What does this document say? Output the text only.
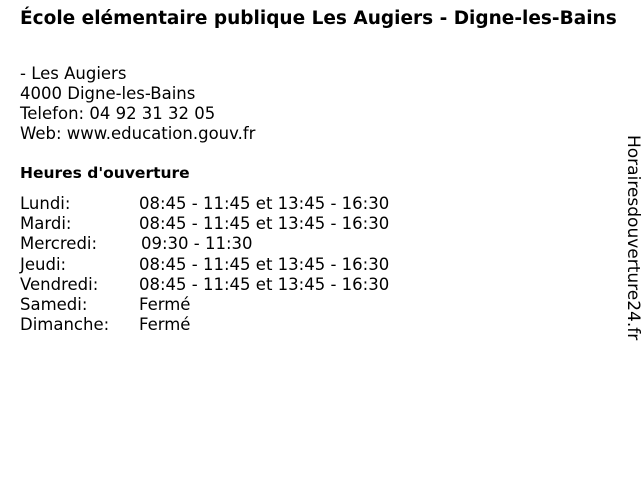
École elémentaire publique Les Augiers - Digne-les-Bains
- Les Augiers
4000 Digne-les-Bains
Telefon: 04 92 31 32 05
Web: www.education.gouv.fr
Heures d'ouverture
Lundi:	08:45 - 11:45 et 13:45 - 16:30
Mardi:	08:45 - 11:45 et 13:45 - 16:30
Mercredi:	09:30 - 11:30
Jeudi:	08:45 - 11:45 et 13:45 - 16:30
Vendredi: 08:45 - 11:45 et 13:45 - 16:30
Samedi:	Fermé
Dimanche: Fermé	Horairesdouverture24.fr
